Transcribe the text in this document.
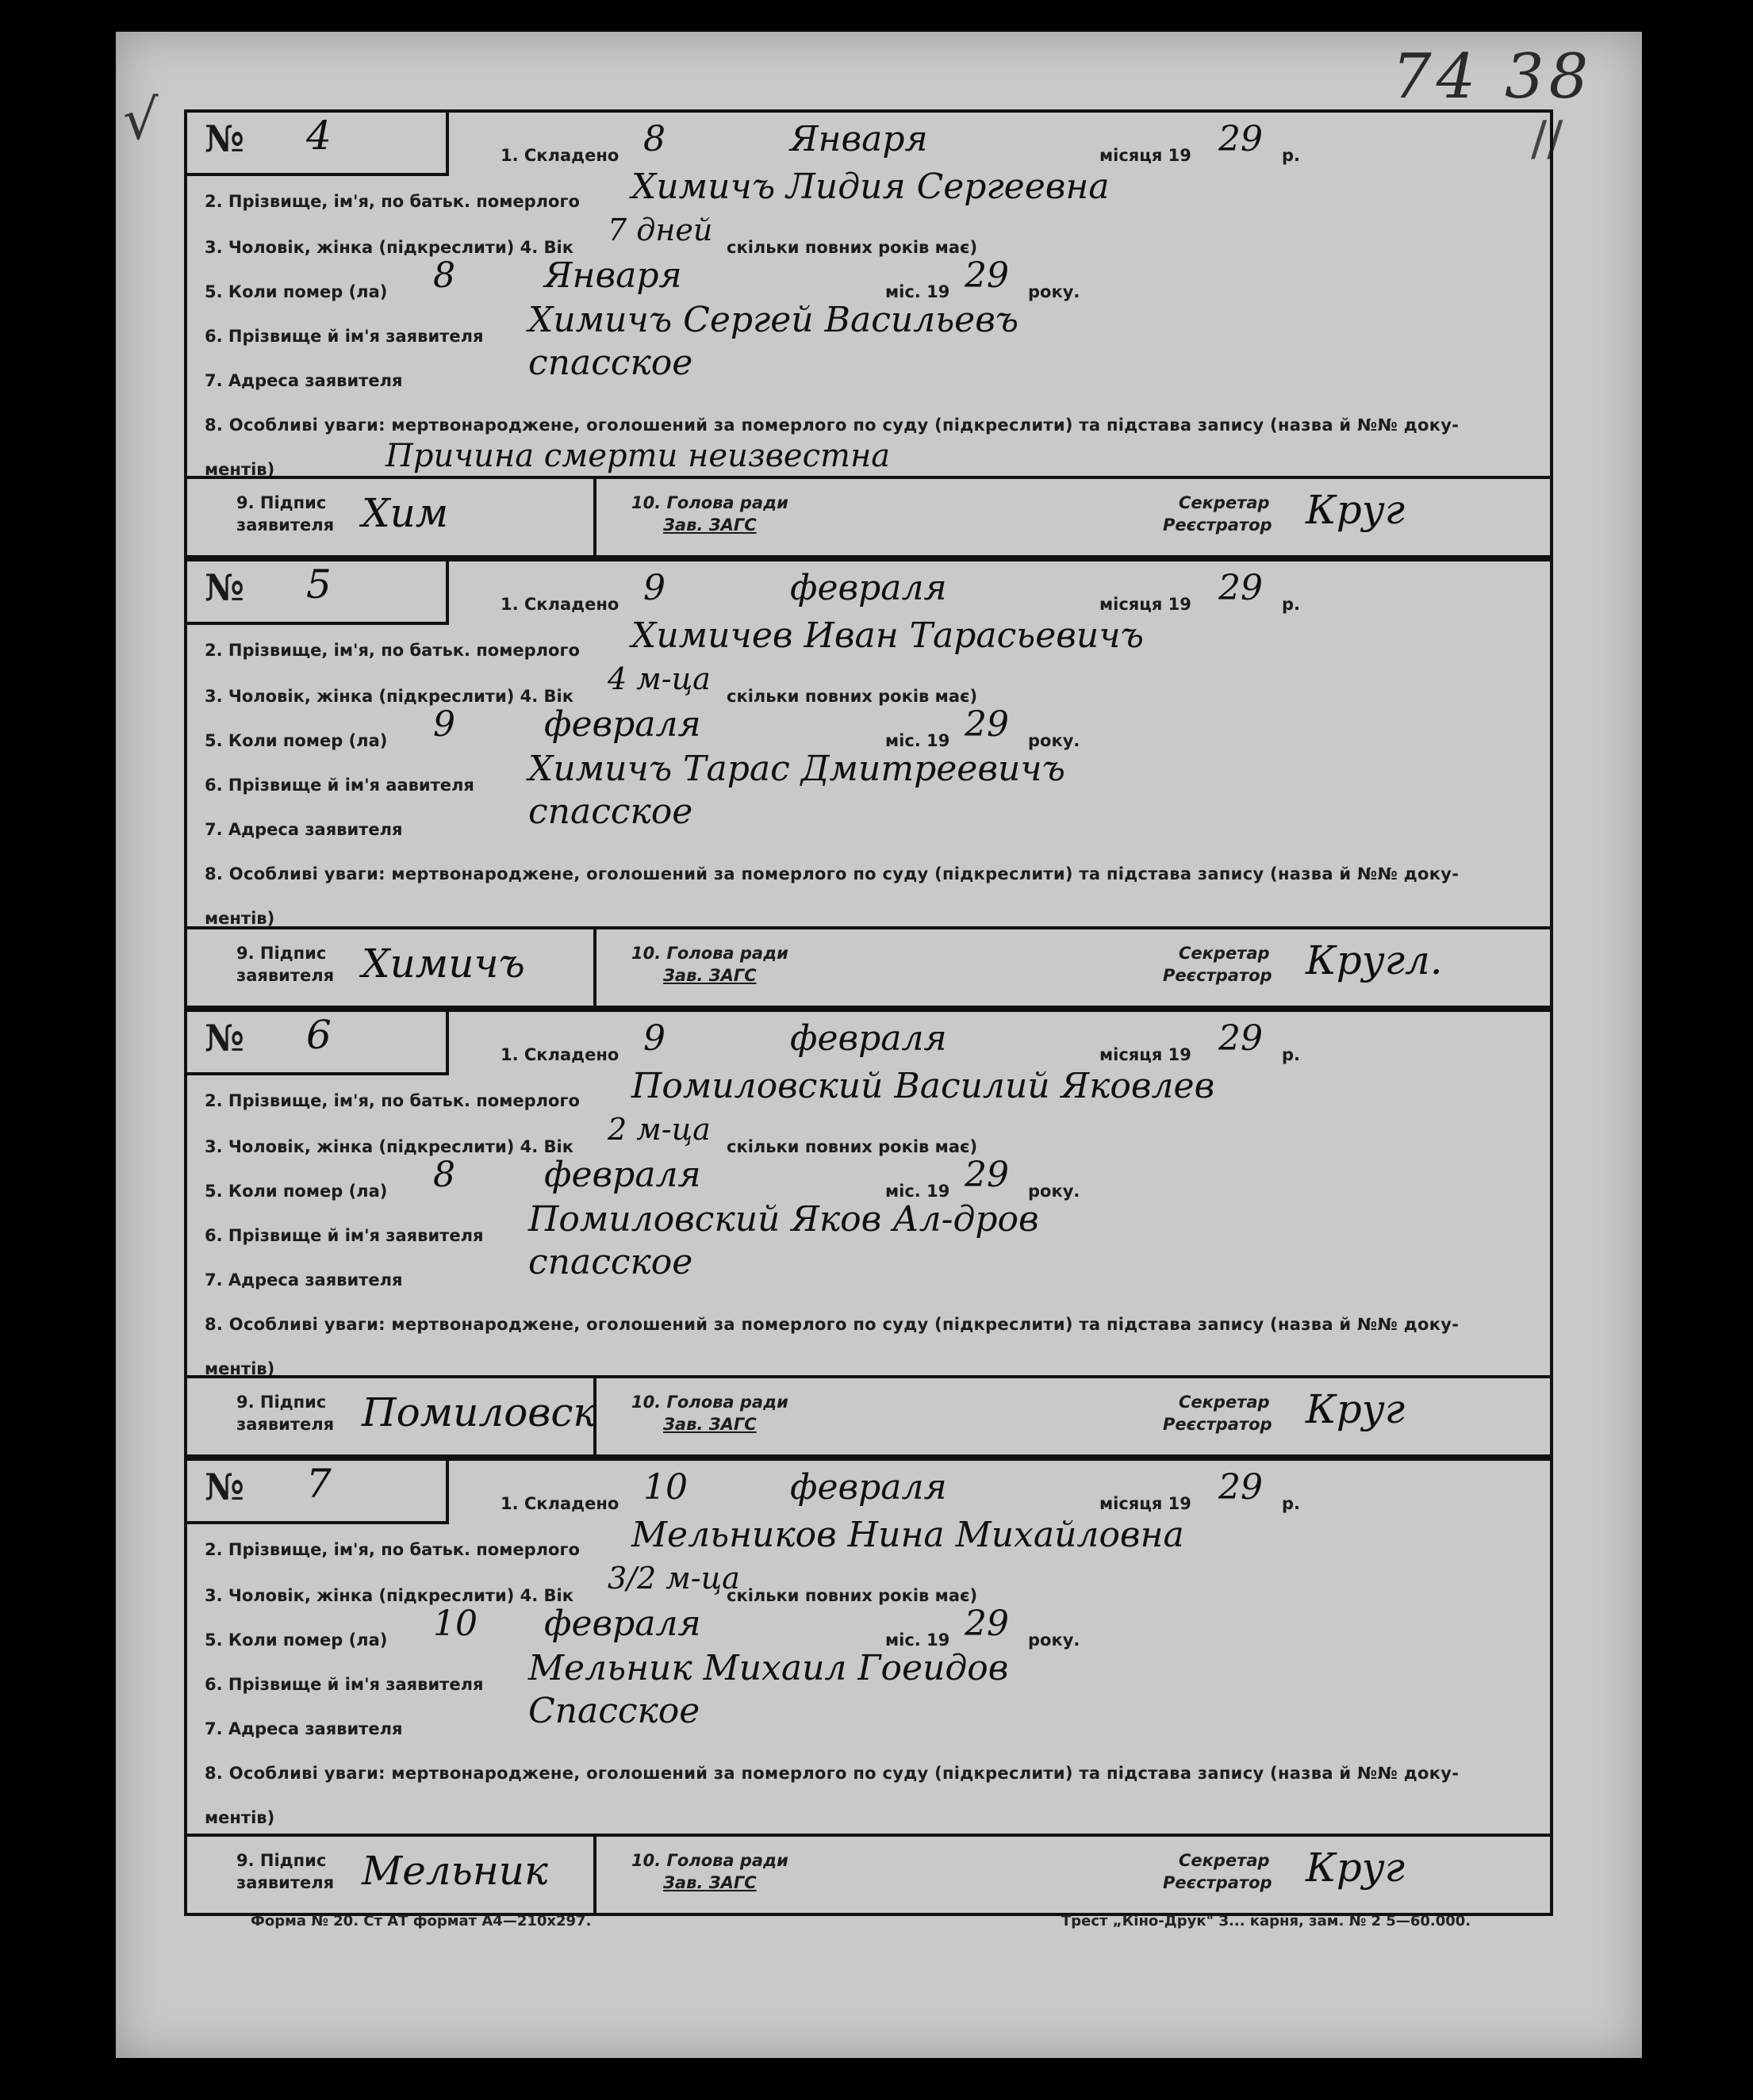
74 38
√	//
№ 4	1. Складено 8	Января	місяця 19 29 р.
2. Прізвище, ім'я, по батьк. померлого Химичъ Лидия Сергеевна
3. Чоловік, жінка (підкреслити) 4. Вік 7 дней скільки повних років має)
5. Коли помер (ла) 8	Января	міс. 19 29 року.
6. Прізвище й ім'я заявителя Химичъ Сергей Васильевъ
7. Адреса заявителя	спасское
8. Особливі уваги: мертвонароджене, оголошений за померлого по суду (підкреслити) та підстава запису (назва й №№ доку-
ментів)	Причина смерти неизвестна
9. Підпис
заявителя Хим	10. Голова ради
Зав. ЗАГС
Секретар
Реєстратор Круг
№ 5	1. Складено 9	февраля	місяця 19 29 р.
2. Прізвище, ім'я, по батьк. померлого Химичев Иван Тарасьевичъ
3. Чоловік, жінка (підкреслити) 4. Вік 4 м-ца скільки повних років має)
5. Коли помер (ла) 9	февраля	міс. 19 29 року.
6. Прізвище й ім'я аавителя Химичъ Тарас Дмитреевичъ
7. Адреса заявителя	спасское
8. Особливі уваги: мертвонароджене, оголошений за померлого по суду (підкреслити) та підстава запису (назва й №№ доку-
ментів)
9. Підпис
заявителя Химичъ	10. Голова ради
Зав. ЗАГС
Секретар
Реєстратор Кругл.
№ 6	1. Складено 9	февраля	місяця 19 29 р.
2. Прізвище, ім'я, по батьк. померлого Помиловский Василий Яковлев
3. Чоловік, жінка (підкреслити) 4. Вік 2 м-ца скільки повних років має)
5. Коли помер (ла) 8	февраля	міс. 19 29 року.
6. Прізвище й ім'я заявителя Помиловский Яков Ал-дров
7. Адреса заявителя	спасское
8. Особливі уваги: мертвонароджене, оголошений за померлого по суду (підкреслити) та підстава запису (назва й №№ доку-
ментів)
9. Підпис
заявителя Помиловск 10. Голова ради
Зав. ЗАГС
Секретар
Реєстратор Круг
№ 7	1. Складено 10	февраля	місяця 19 29 р.
2. Прізвище, ім'я, по батьк. померлого Мельников Нина Михайловна
3. Чоловік, жінка (підкреслити) 4. Вік 3/2 м-ца
скільки повних років має)
5. Коли помер (ла) 10 февраля	міс. 19 29 року.
6. Прізвище й ім'я заявителя Мельник Михаил Гоеидов
7. Адреса заявителя	Спасское
8. Особливі уваги: мертвонароджене, оголошений за померлого по суду (підкреслити) та підстава запису (назва й №№ доку-
ментів)
9. Підпис
заявителя Мельник	10. Голова ради
Зав. ЗАГС
Секретар
Реєстратор Круг
Форма № 20. Ст АТ формат А4—210x297.	Трест „Кіно-Друк" З... карня, зам. № 2 5—60.000.
